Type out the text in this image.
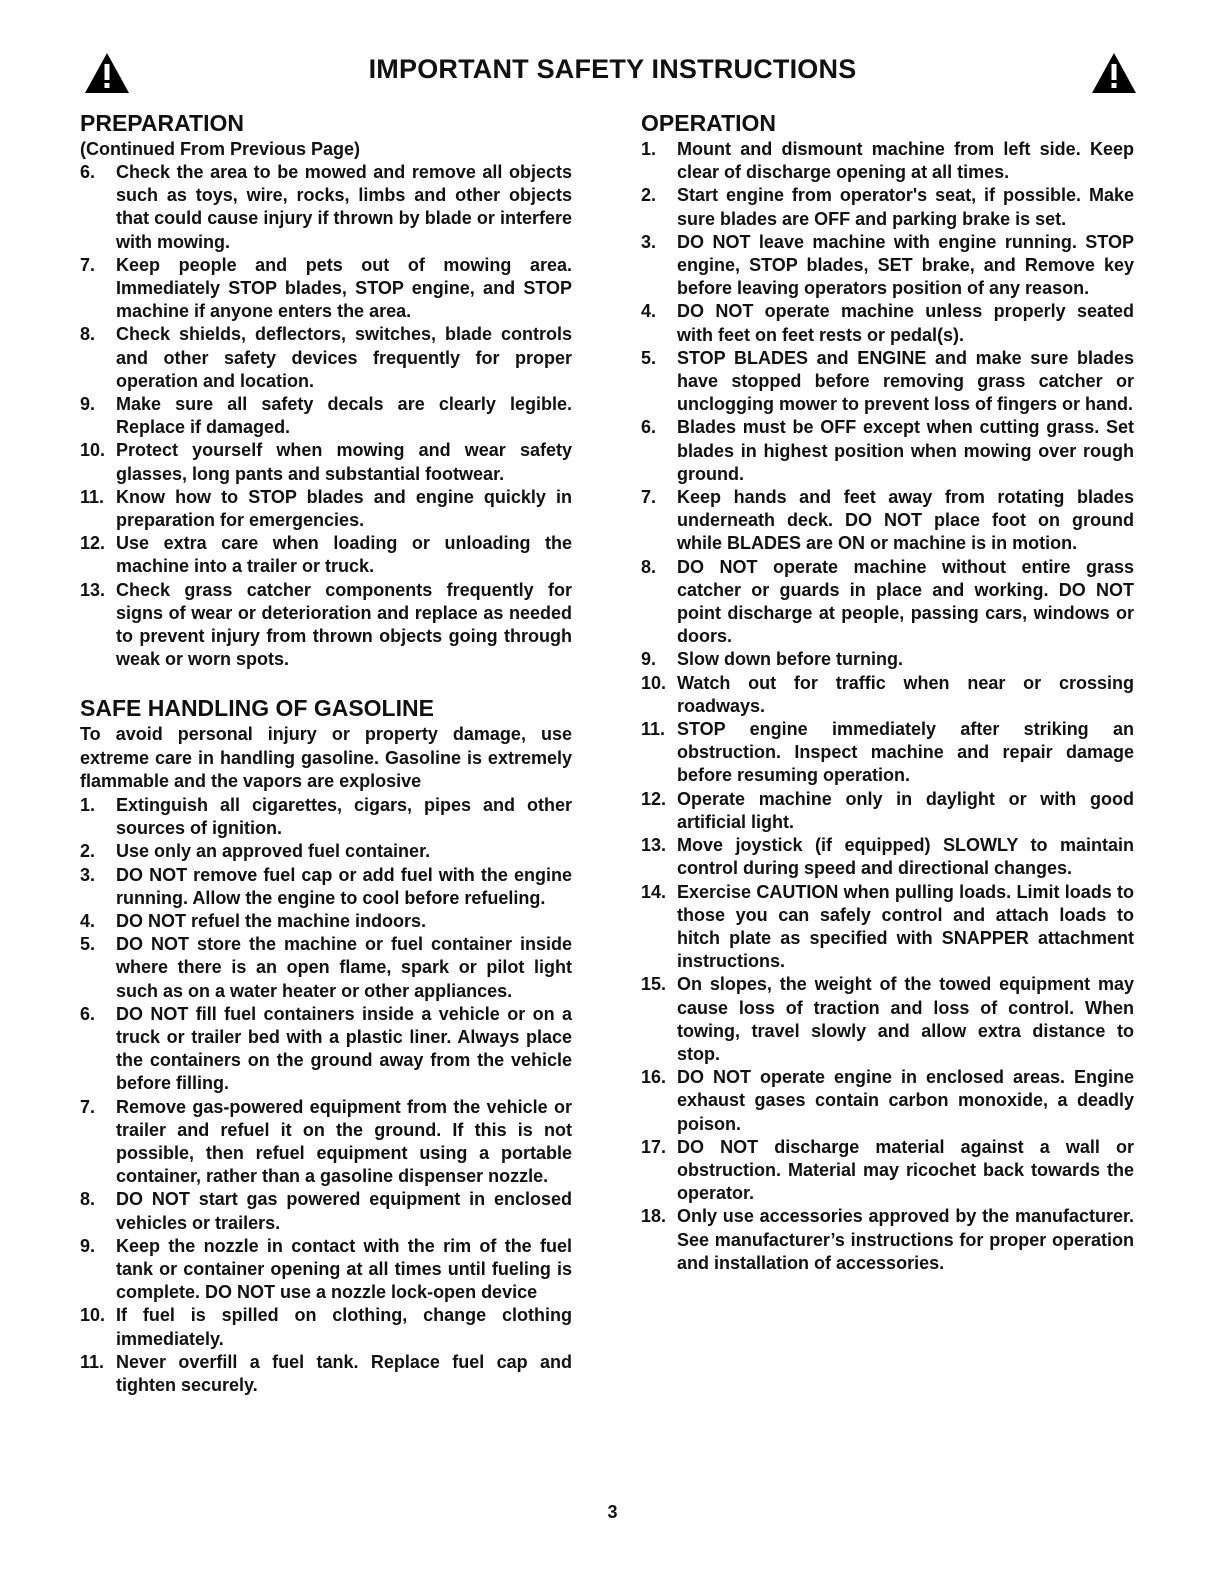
IMPORTANT SAFETY INSTRUCTIONS
PREPARATION
(Continued From Previous Page)
6. Check the area to be mowed and remove all objects such as toys, wire, rocks, limbs and other objects that could cause injury if thrown by blade or interfere with mowing.
7. Keep people and pets out of mowing area. Immediately STOP blades, STOP engine, and STOP machine if anyone enters the area.
8. Check shields, deflectors, switches, blade controls and other safety devices frequently for proper operation and location.
9. Make sure all safety decals are clearly legible. Replace if damaged.
10. Protect yourself when mowing and wear safety glasses, long pants and substantial footwear.
11. Know how to STOP blades and engine quickly in preparation for emergencies.
12. Use extra care when loading or unloading the machine into a trailer or truck.
13. Check grass catcher components frequently for signs of wear or deterioration and replace as needed to prevent injury from thrown objects going through weak or worn spots.
SAFE HANDLING OF GASOLINE
To avoid personal injury or property damage, use extreme care in handling gasoline. Gasoline is extremely flammable and the vapors are explosive
1. Extinguish all cigarettes, cigars, pipes and other sources of ignition.
2. Use only an approved fuel container.
3. DO NOT remove fuel cap or add fuel with the engine running. Allow the engine to cool before refueling.
4. DO NOT refuel the machine indoors.
5. DO NOT store the machine or fuel container inside where there is an open flame, spark or pilot light such as on a water heater or other appliances.
6. DO NOT fill fuel containers inside a vehicle or on a truck or trailer bed with a plastic liner. Always place the containers on the ground away from the vehicle before filling.
7. Remove gas-powered equipment from the vehicle or trailer and refuel it on the ground. If this is not possible, then refuel equipment using a portable container, rather than a gasoline dispenser nozzle.
8. DO NOT start gas powered equipment in enclosed vehicles or trailers.
9. Keep the nozzle in contact with the rim of the fuel tank or container opening at all times until fueling is complete. DO NOT use a nozzle lock-open device
10. If fuel is spilled on clothing, change clothing immediately.
11. Never overfill a fuel tank. Replace fuel cap and tighten securely.
OPERATION
1. Mount and dismount machine from left side. Keep clear of discharge opening at all times.
2. Start engine from operator's seat, if possible. Make sure blades are OFF and parking brake is set.
3. DO NOT leave machine with engine running. STOP engine, STOP blades, SET brake, and Remove key before leaving operators position of any reason.
4. DO NOT operate machine unless properly seated with feet on feet rests or pedal(s).
5. STOP BLADES and ENGINE and make sure blades have stopped before removing grass catcher or unclogging mower to prevent loss of fingers or hand.
6. Blades must be OFF except when cutting grass. Set blades in highest position when mowing over rough ground.
7. Keep hands and feet away from rotating blades underneath deck. DO NOT place foot on ground while BLADES are ON or machine is in motion.
8. DO NOT operate machine without entire grass catcher or guards in place and working. DO NOT point discharge at people, passing cars, windows or doors.
9. Slow down before turning.
10. Watch out for traffic when near or crossing roadways.
11. STOP engine immediately after striking an obstruction. Inspect machine and repair damage before resuming operation.
12. Operate machine only in daylight or with good artificial light.
13. Move joystick (if equipped) SLOWLY to maintain control during speed and directional changes.
14. Exercise CAUTION when pulling loads. Limit loads to those you can safely control and attach loads to hitch plate as specified with SNAPPER attachment instructions.
15. On slopes, the weight of the towed equipment may cause loss of traction and loss of control. When towing, travel slowly and allow extra distance to stop.
16. DO NOT operate engine in enclosed areas. Engine exhaust gases contain carbon monoxide, a deadly poison.
17. DO NOT discharge material against a wall or obstruction. Material may ricochet back towards the operator.
18. Only use accessories approved by the manufacturer. See manufacturer’s instructions for proper operation and installation of accessories.
3
